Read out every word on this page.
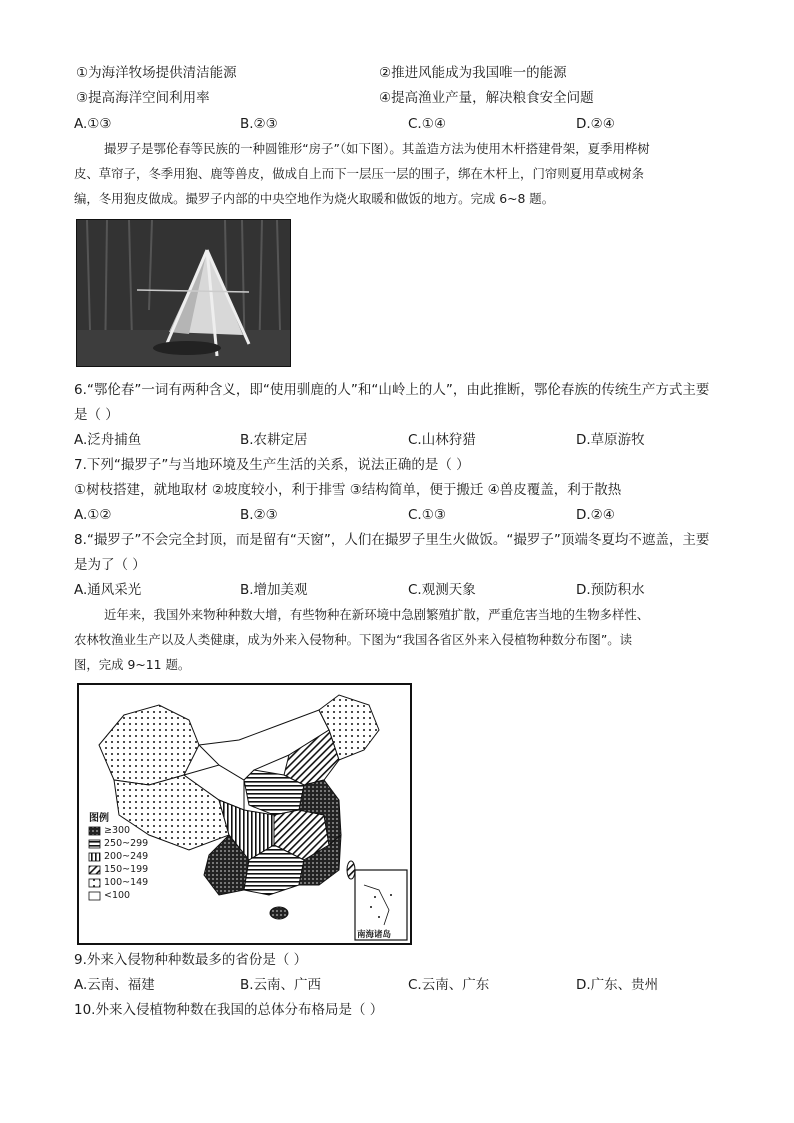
①为海洋牧场提供清洁能源	②推进风能成为我国唯一的能源
③提高海洋空间利用率	④提高渔业产量，解决粮食安全问题
A.①③	B.②③	C.①④	D.②④
撮罗子是鄂伦春等民族的一种圆锥形“房子”（如下图）。其盖造方法为使用木杆搭建骨架，夏季用桦树
皮、草帘子，冬季用狍、鹿等兽皮，做成自上而下一层压一层的围子，绑在木杆上，门帘则夏用草或树条
编，冬用狍皮做成。撮罗子内部的中央空地作为烧火取暖和做饭的地方。完成 6~8 题。
6.“鄂伦春”一词有两种含义，即“使用驯鹿的人”和“山岭上的人”，由此推断，鄂伦春族的传统生产方式主要
是（ ）
A.泛舟捕鱼	B.农耕定居	C.山林狩猎	D.草原游牧
7.下列“撮罗子”与当地环境及生产生活的关系，说法正确的是（ ）
①树枝搭建，就地取材 ②坡度较小，利于排雪 ③结构简单，便于搬迁 ④兽皮覆盖，利于散热
A.①②	B.②③	C.①③	D.②④
8.“撮罗子”不会完全封顶，而是留有“天窗”，人们在撮罗子里生火做饭。“撮罗子”顶端冬夏均不遮盖，主要
是为了（ ）
A.通风采光	B.增加美观	C.观测天象	D.预防积水
近年来，我国外来物种种数大增，有些物种在新环境中急剧繁殖扩散，严重危害当地的生物多样性、
农林牧渔业生产以及人类健康，成为外来入侵物种。下图为“我国各省区外来入侵植物种数分布图”。读
图，完成 9~11 题。
图例
≥300
250~299
200~249
150~199
100~149
<100
南海诸岛
9.外来入侵物种种数最多的省份是（ ）
A.云南、福建	B.云南、广西	C.云南、广东	D.广东、贵州
10.外来入侵植物种数在我国的总体分布格局是（ ）
